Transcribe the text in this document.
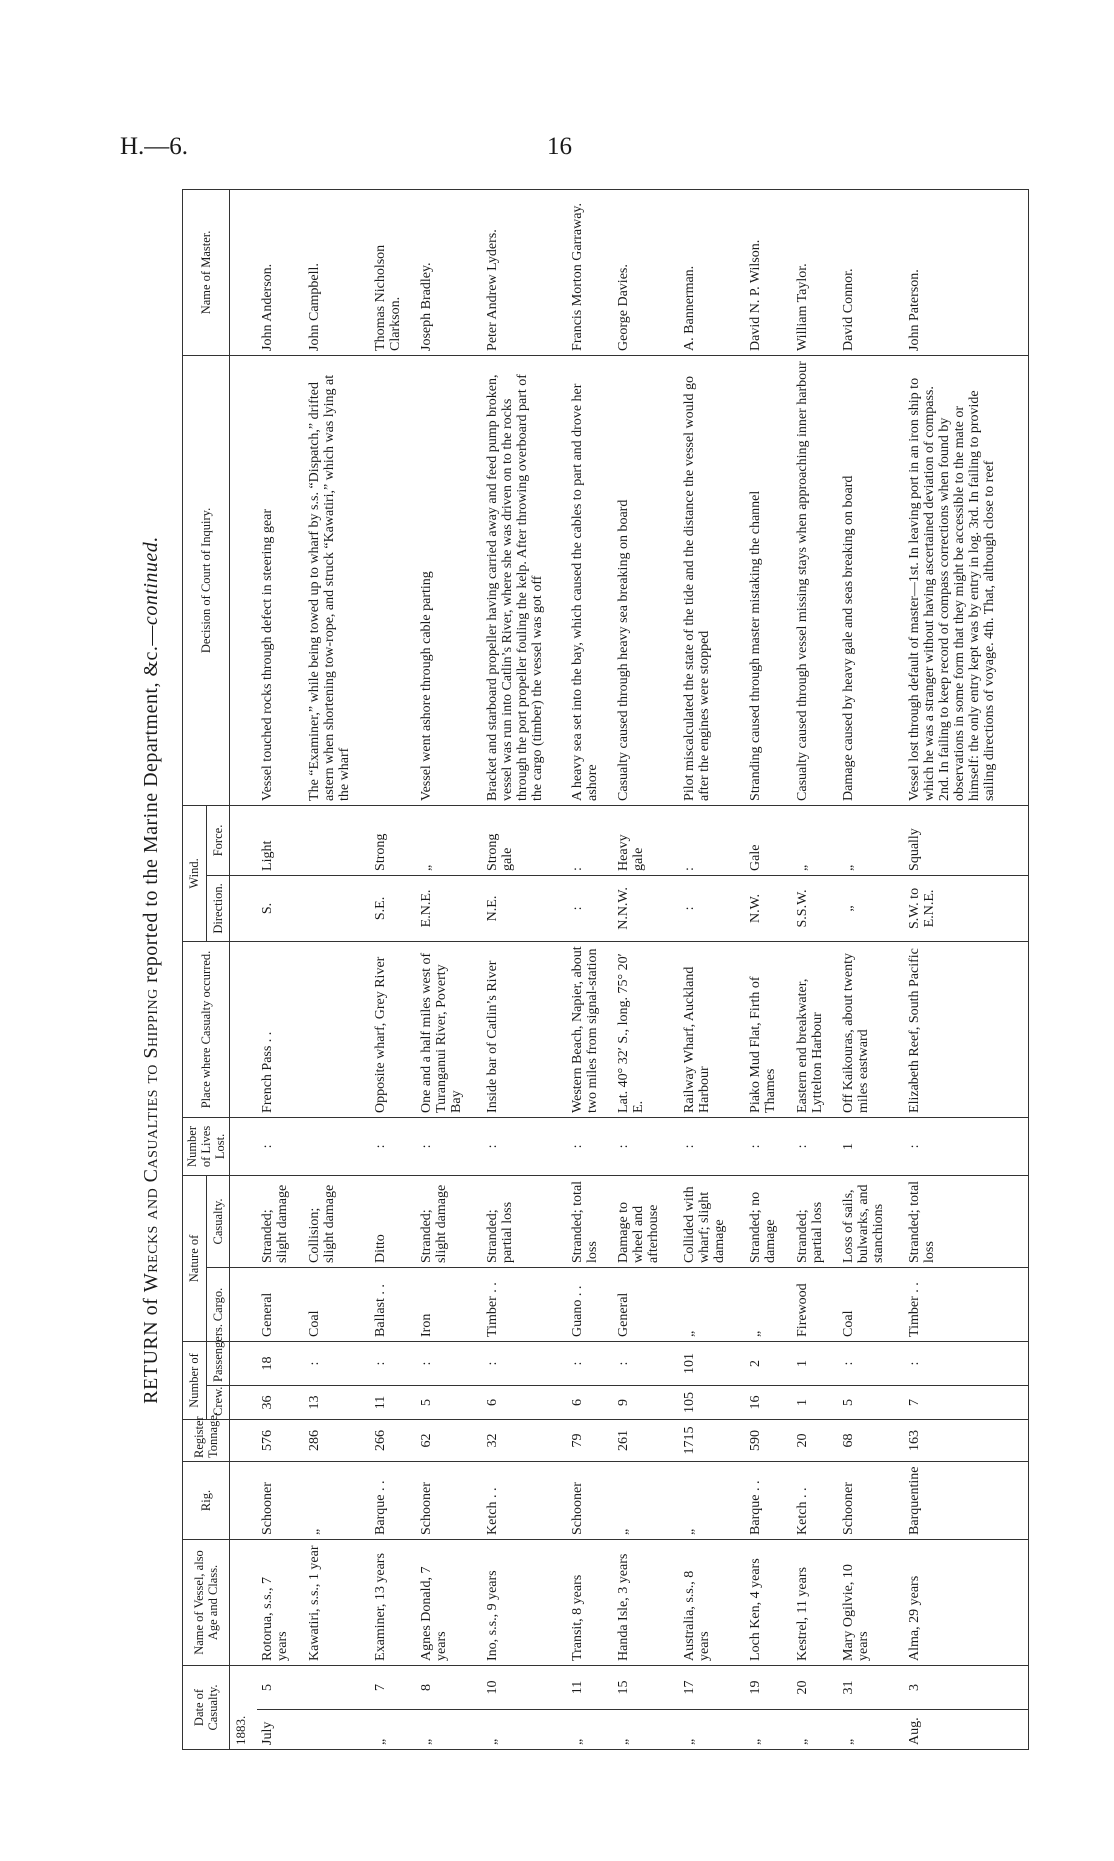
H.—6.	16
RETURN of Wrecks and Casualties to Shipping reported to the Marine Department, &c.—continued.
Date of Casualty.		Name of Vessel, also Age and Class.	Rig.	Register Tonnage.	Number of		Nature of		Number of Lives Lost.	Place where Casualty occurred.	Wind.		Decision of Court of Inquiry.	Name of Master.
					Crew.	Passengers.	Cargo.	Casualty.			Direction.	Force.		
1883.														
July	5	Rotorua, s.s., 7 years	Schooner	576	36	18	General	Stranded; slight damage	:	French Pass . .	S.	Light	Vessel touched rocks through defect in steering gear	John Anderson.
		Kawatiri, s.s., 1 year	„	286	13	:	Coal	Collision; slight damage					The “Examiner,” while being towed up to wharf by s.s. “Dispatch,” drifted astern when shortening tow-rope, and struck “Kawatiri,” which was lying at the wharf	John Campbell.
„	7	Examiner, 13 years	Barque . .	266	11	:	Ballast . .	Ditto	:	Opposite wharf, Grey River	S.E.	Strong		Thomas Nicholson Clarkson.
„	8	Agnes Donald, 7 years	Schooner	62	5	:	Iron	Stranded; slight damage	:	One and a half miles west of Turanganui River, Poverty Bay	E.N.E.	„	Vessel went ashore through cable parting	Joseph Bradley.
„	10	Ino, s.s., 9 years	Ketch . .	32	6	:	Timber . .	Stranded; partial loss	:	Inside bar of Catlin’s River	N.E.	Strong gale	Bracket and starboard propeller having carried away and feed pump broken, vessel was run into Catlin’s River, where she was driven on to the rocks through the port propeller fouling the kelp. After throwing overboard part of the cargo (timber) the vessel was got off	Peter Andrew Lyders.
„	11	Transit, 8 years	Schooner	79	6	:	Guano . .	Stranded; total loss	:	Western Beach, Napier, about two miles from signal-station	:	:	A heavy sea set into the bay, which caused the cables to part and drove her ashore	Francis Morton Garraway.
„	15	Handa Isle, 3 years	„	261	9	:	General	Damage to wheel and afterhouse	:	Lat. 40° 32′ S., long. 75° 20′ E.	N.N.W.	Heavy gale	Casualty caused through heavy sea breaking on board	George Davies.
„	17	Australia, s.s., 8 years	„	1715	105	101	„	Collided with wharf; slight damage	:	Railway Wharf, Auckland Harbour	:	:	Pilot miscalculated the state of the tide and the distance the vessel would go after the engines were stopped	A. Bannerman.
„	19	Loch Ken, 4 years	Barque . .	590	16	2	„	Stranded; no damage	:	Piako Mud Flat, Firth of Thames	N.W.	Gale	Stranding caused through master mistaking the channel	David N. P. Wilson.
„	20	Kestrel, 11 years	Ketch . .	20	1	1	Firewood	Stranded; partial loss	:	Eastern end breakwater, Lyttelton Harbour	S.S.W.	„	Casualty caused through vessel missing stays when approaching inner harbour	William Taylor.
„	31	Mary Ogilvie, 10 years	Schooner	68	5	:	Coal	Loss of sails, bulwarks, and stanchions	1	Off Kaikouras, about twenty miles eastward	„	„	Damage caused by heavy gale and seas breaking on board	David Connor.
Aug.	3	Alma, 29 years	Barquentine	163	7	:	Timber . .	Stranded; total loss	:	Elizabeth Reef, South Pacific	S.W. to E.N.E.	Squally	Vessel lost through default of master—1st. In leaving port in an iron ship to which he was a stranger without having ascertained deviation of compass. 2nd. In failing to keep record of compass corrections when found by observations in some form that they might be accessible to the mate or himself: the only entry kept was by entry in log. 3rd. In failing to provide sailing directions of voyage. 4th. That, although close to reef	John Paterson.
